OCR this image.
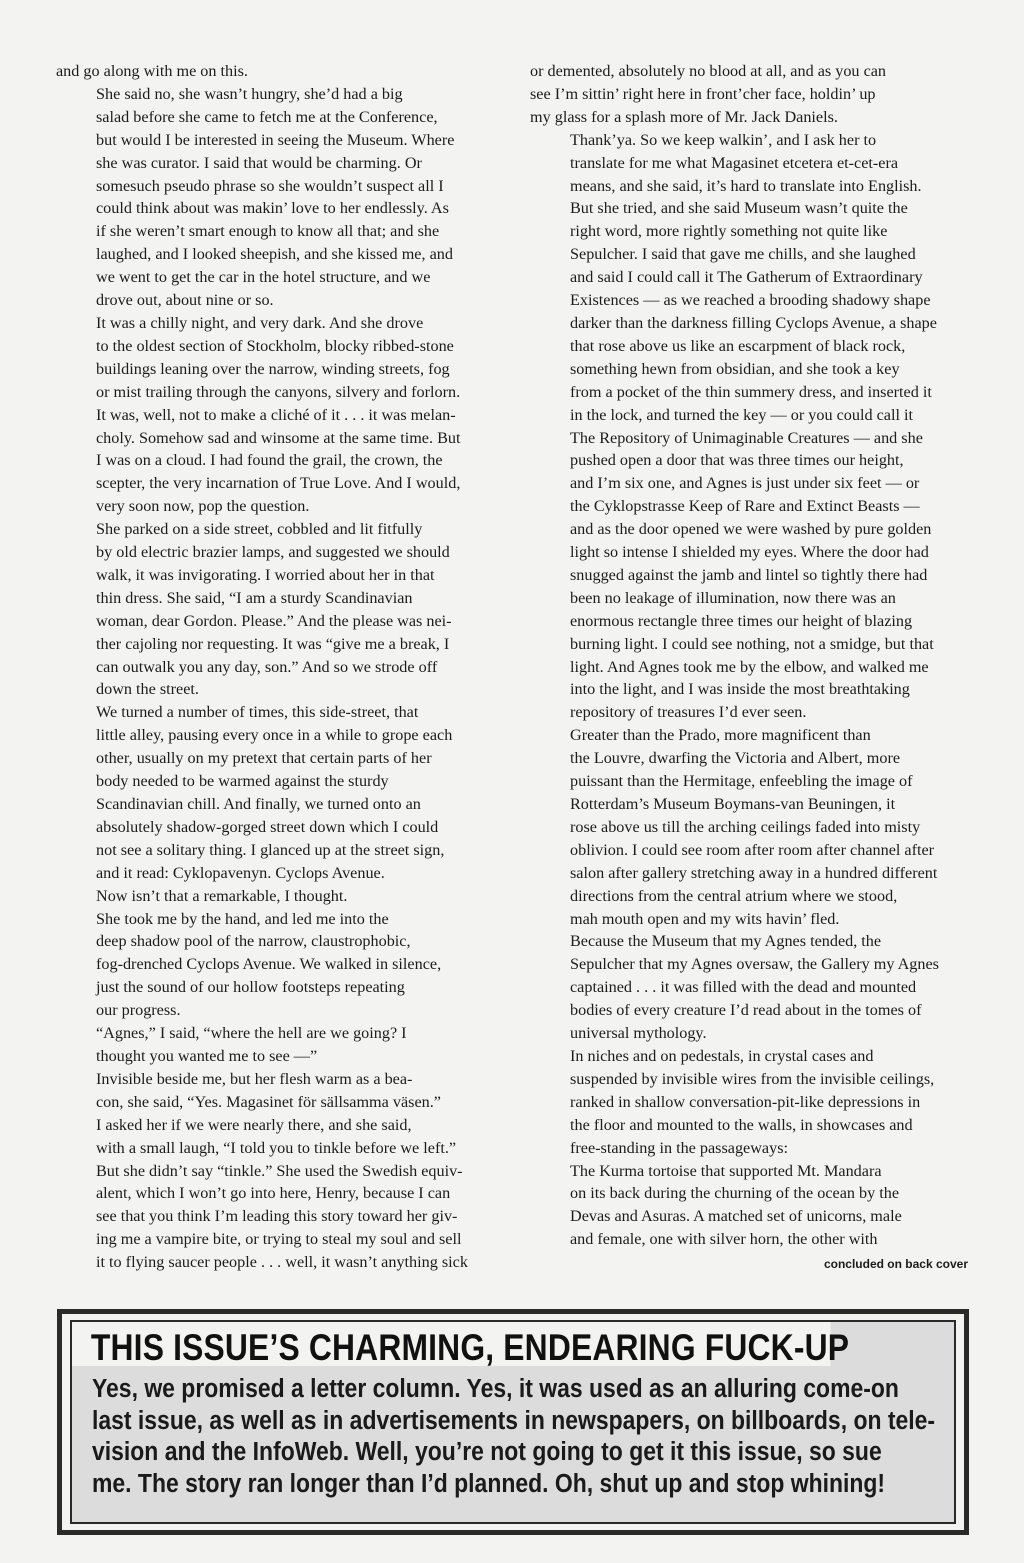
and go along with me on this.

She said no, she wasn’t hungry, she’d had a big
salad before she came to fetch me at the Conference,
but would I be interested in seeing the Museum. Where
she was curator. I said that would be charming. Or
somesuch pseudo phrase so she wouldn’t suspect all I
could think about was makin’ love to her endlessly. As
if she weren’t smart enough to know all that; and she
laughed, and I looked sheepish, and she kissed me, and
we went to get the car in the hotel structure, and we
drove out, about nine or so.

It was a chilly night, and very dark. And she drove
to the oldest section of Stockholm, blocky ribbed-stone
buildings leaning over the narrow, winding streets, fog
or mist trailing through the canyons, silvery and forlorn.
It was, well, not to make a cliché of it . . . it was melan-
choly. Somehow sad and winsome at the same time. But
I was on a cloud. I had found the grail, the crown, the
scepter, the very incarnation of True Love. And I would,
very soon now, pop the question.

She parked on a side street, cobbled and lit fitfully
by old electric brazier lamps, and suggested we should
walk, it was invigorating. I worried about her in that
thin dress. She said, “I am a sturdy Scandinavian
woman, dear Gordon. Please.” And the please was nei-
ther cajoling nor requesting. It was “give me a break, I
can outwalk you any day, son.” And so we strode off
down the street.

We turned a number of times, this side-street, that
little alley, pausing every once in a while to grope each
other, usually on my pretext that certain parts of her
body needed to be warmed against the sturdy
Scandinavian chill. And finally, we turned onto an
absolutely shadow-gorged street down which I could
not see a solitary thing. I glanced up at the street sign,
and it read: Cyklopavenyn. Cyclops Avenue.

Now isn’t that a remarkable, I thought.

She took me by the hand, and led me into the
deep shadow pool of the narrow, claustrophobic,
fog-drenched Cyclops Avenue. We walked in silence,
just the sound of our hollow footsteps repeating
our progress.

“Agnes,” I said, “where the hell are we going? I
thought you wanted me to see —”

Invisible beside me, but her flesh warm as a bea-
con, she said, “Yes. Magasinet för sällsamma väsen.”

I asked her if we were nearly there, and she said,
with a small laugh, “I told you to tinkle before we left.”
But she didn’t say “tinkle.” She used the Swedish equiv-
alent, which I won’t go into here, Henry, because I can
see that you think I’m leading this story toward her giv-
ing me a vampire bite, or trying to steal my soul and sell
it to flying saucer people . . . well, it wasn’t anything sick

or demented, absolutely no blood at all, and as you can
see I’m sittin’ right here in front’cher face, holdin’ up
my glass for a splash more of Mr. Jack Daniels.

Thank’ya. So we keep walkin’, and I ask her to
translate for me what Magasinet etcetera et-cet-era
means, and she said, it’s hard to translate into English.
But she tried, and she said Museum wasn’t quite the
right word, more rightly something not quite like
Sepulcher. I said that gave me chills, and she laughed
and said I could call it The Gatherum of Extraordinary
Existences — as we reached a brooding shadowy shape
darker than the darkness filling Cyclops Avenue, a shape
that rose above us like an escarpment of black rock,
something hewn from obsidian, and she took a key
from a pocket of the thin summery dress, and inserted it
in the lock, and turned the key — or you could call it
The Repository of Unimaginable Creatures — and she
pushed open a door that was three times our height,
and I’m six one, and Agnes is just under six feet — or
the Cyklopstrasse Keep of Rare and Extinct Beasts —
and as the door opened we were washed by pure golden
light so intense I shielded my eyes. Where the door had
snugged against the jamb and lintel so tightly there had
been no leakage of illumination, now there was an
enormous rectangle three times our height of blazing
burning light. I could see nothing, not a smidge, but that
light. And Agnes took me by the elbow, and walked me
into the light, and I was inside the most breathtaking
repository of treasures I’d ever seen.

Greater than the Prado, more magnificent than
the Louvre, dwarfing the Victoria and Albert, more
puissant than the Hermitage, enfeebling the image of
Rotterdam’s Museum Boymans-van Beuningen, it
rose above us till the arching ceilings faded into misty
oblivion. I could see room after room after channel after
salon after gallery stretching away in a hundred different
directions from the central atrium where we stood,
mah mouth open and my wits havin’ fled.

Because the Museum that my Agnes tended, the
Sepulcher that my Agnes oversaw, the Gallery my Agnes
captained . . . it was filled with the dead and mounted
bodies of every creature I’d read about in the tomes of
universal mythology.

In niches and on pedestals, in crystal cases and
suspended by invisible wires from the invisible ceilings,
ranked in shallow conversation-pit-like depressions in
the floor and mounted to the walls, in showcases and
free-standing in the passageways:

The Kurma tortoise that supported Mt. Mandara
on its back during the churning of the ocean by the
Devas and Asuras. A matched set of unicorns, male
and female, one with silver horn, the other with

concluded on back cover
THIS ISSUE’S CHARMING, ENDEARING FUCK-UP
Yes, we promised a letter column. Yes, it was used as an alluring come-on
last issue, as well as in advertisements in newspapers, on billboards, on tele-
vision and the InfoWeb. Well, you’re not going to get it this issue, so sue
me. The story ran longer than I’d planned. Oh, shut up and stop whining!
